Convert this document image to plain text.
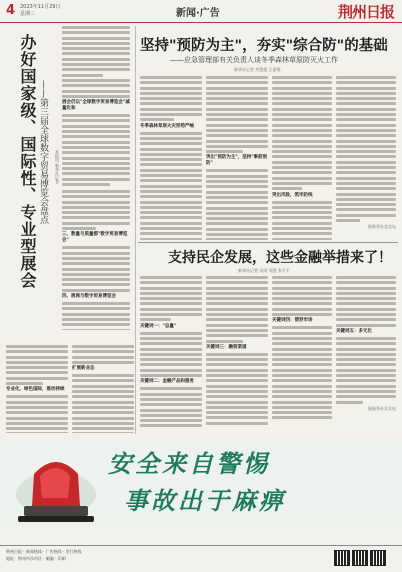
4 2023年11月29日
星期三	新闻·广告	荆州日报
办好国家级、国际性、专业型展会 ——第三届全球数字贸易博览会盘点	本报讯 新华社记者
展会仍以"全球数字贸易博览会"减量化和
三、数量与质量都"数字贸易博览会"
四、展商与数字贸易博览会
专业化，绿色国际，推动持续
扩展新业态
坚持"预防为主"，夯实"综合防"的基础
——应急管理部有关负责人谈冬季森林草原防灭火工作
新华社记者 齐慧超 王嘉锡
冬季森林草原火灾形势严峻
突出"预防为主"，坚持"事前预防"
突出风险，筑牢防线
据新华社北京电
支持民企发展，这些金融举措来了！
新华社记者 吴雨 刘慧 张千千
关键词一："总量"
关键词二：金融产品和服务
关键词三：融资渠道
关键词四：债券市场
关键词五：多元化
据新华社北京电
安全来自警惕
事故出于麻痹
荆州日报 · 新闻热线 · 广告热线 · 发行热线
地址：荆州市沙市区 · 邮编 · 印刷
